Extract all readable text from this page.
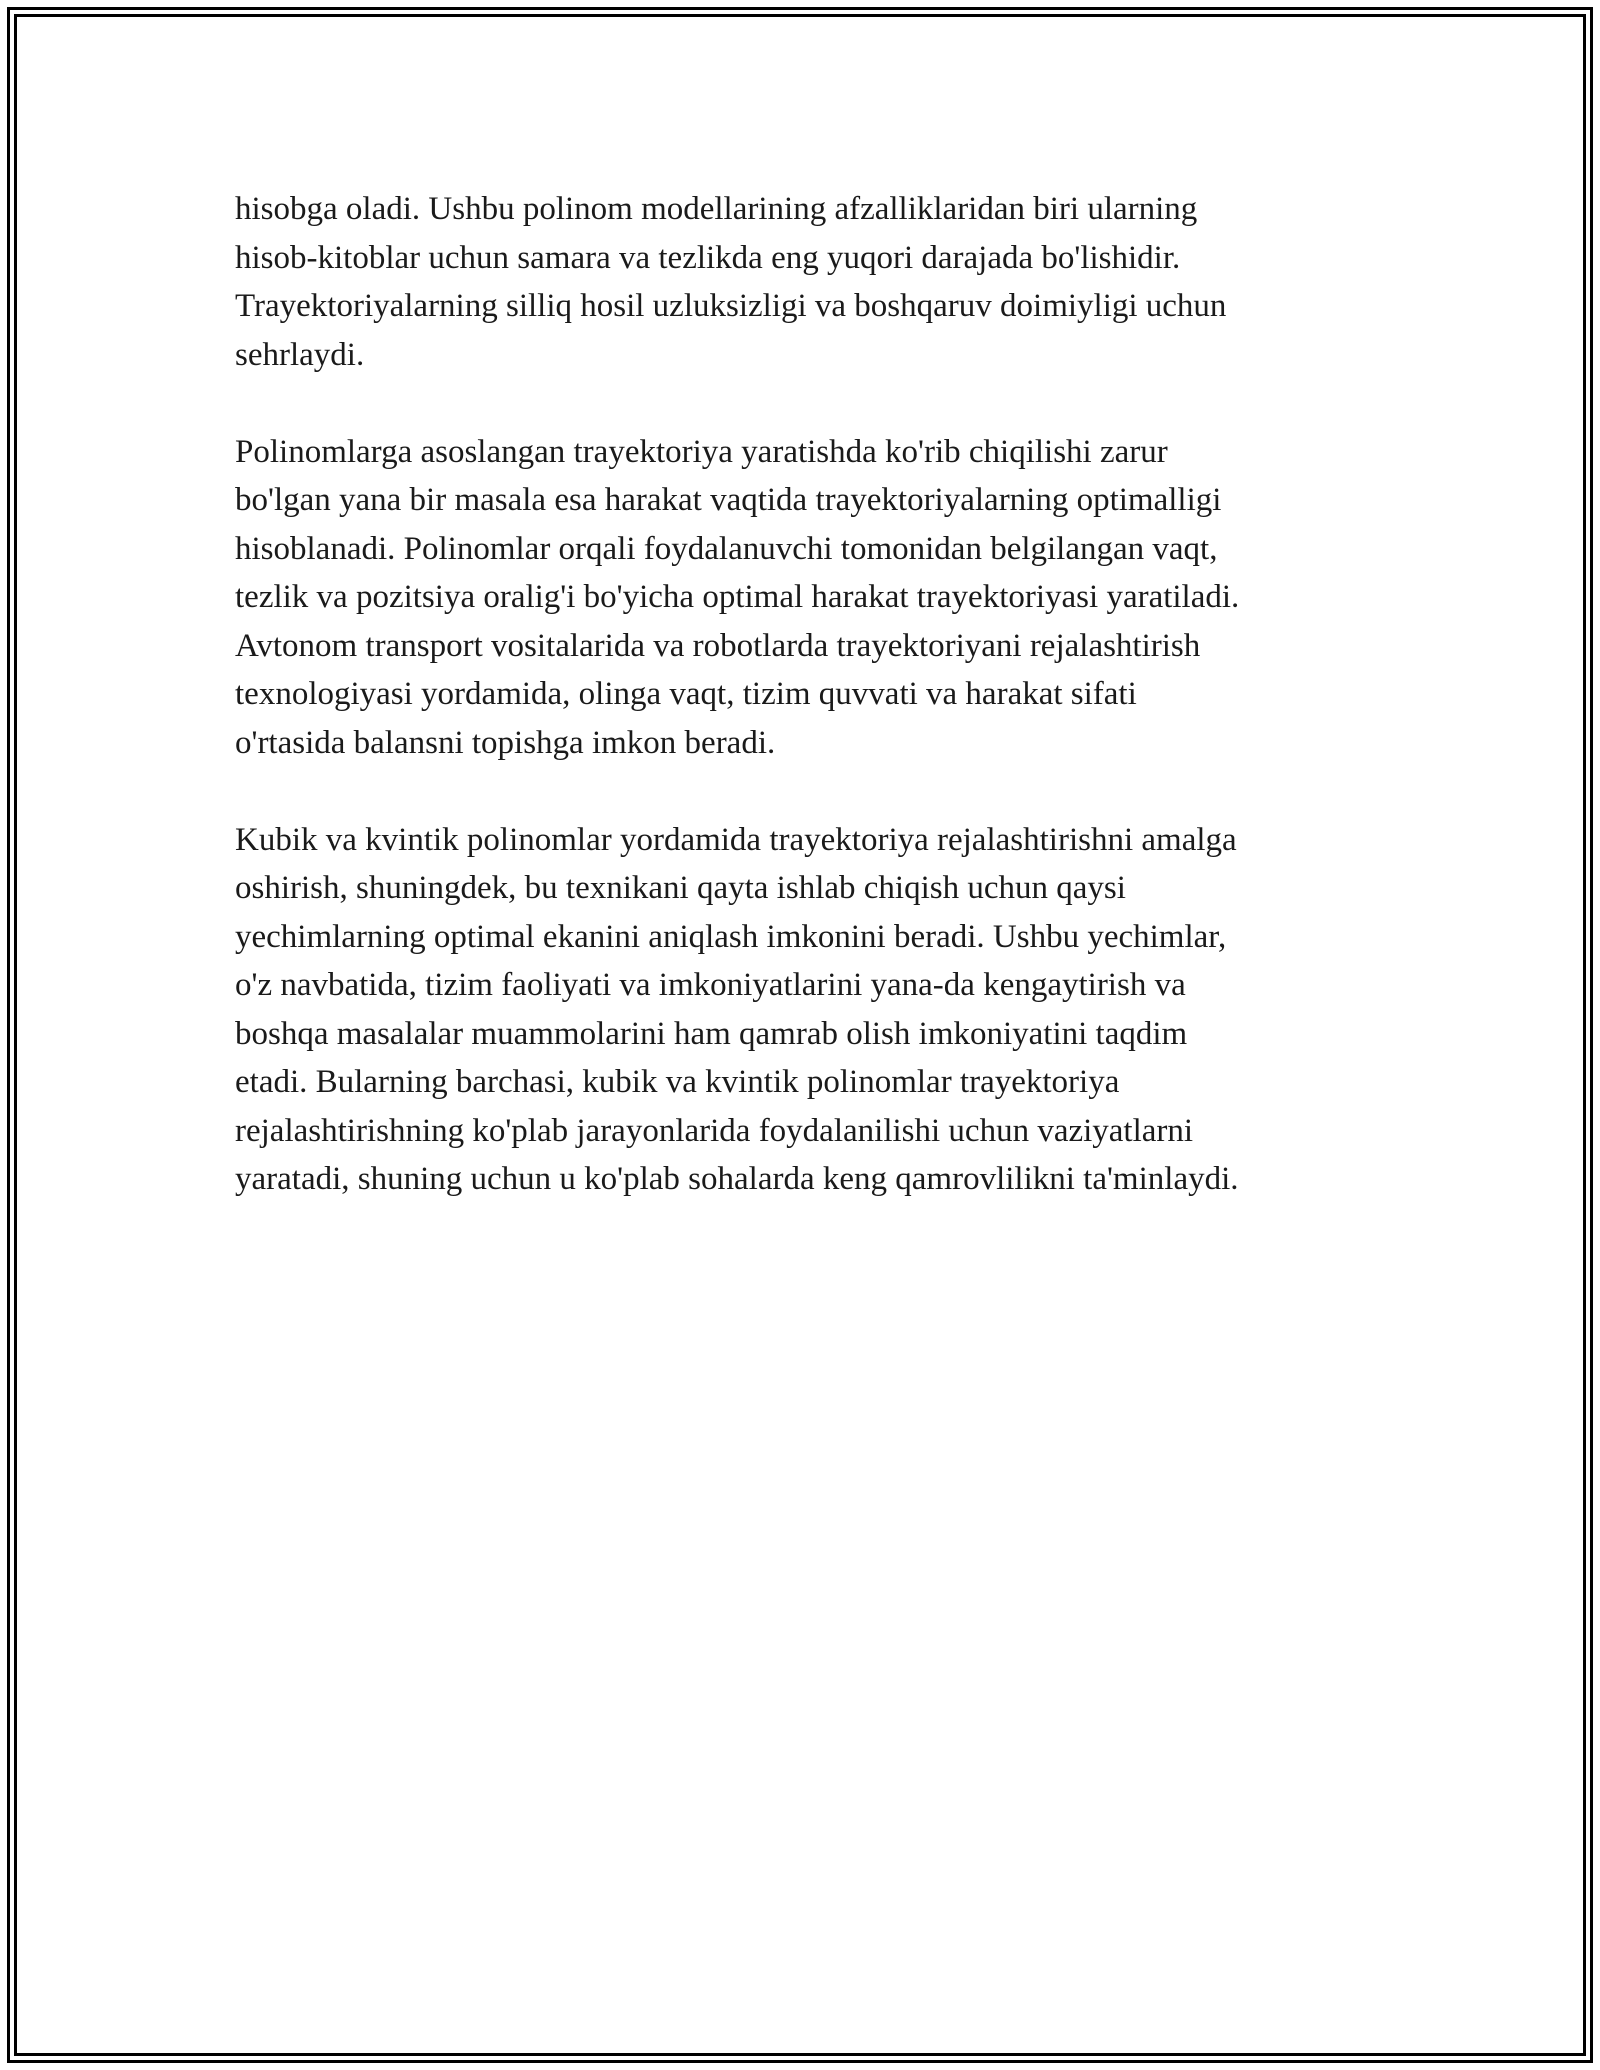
hisobga oladi. Ushbu polinom modellarining afzalliklaridan biri ularning
hisob-kitoblar uchun samara va tezlikda eng yuqori darajada bo'lishidir.
Trayektoriyalarning silliq hosil uzluksizligi va boshqaruv doimiyligi uchun
sehrlaydi.

Polinomlarga asoslangan trayektoriya yaratishda ko'rib chiqilishi zarur
bo'lgan yana bir masala esa harakat vaqtida trayektoriyalarning optimalligi
hisoblanadi. Polinomlar orqali foydalanuvchi tomonidan belgilangan vaqt,
tezlik va pozitsiya oralig'i bo'yicha optimal harakat trayektoriyasi yaratiladi.
Avtonom transport vositalarida va robotlarda trayektoriyani rejalashtirish
texnologiyasi yordamida, olinga vaqt, tizim quvvati va harakat sifati
o'rtasida balansni topishga imkon beradi.

Kubik va kvintik polinomlar yordamida trayektoriya rejalashtirishni amalga
oshirish, shuningdek, bu texnikani qayta ishlab chiqish uchun qaysi
yechimlarning optimal ekanini aniqlash imkonini beradi. Ushbu yechimlar,
o'z navbatida, tizim faoliyati va imkoniyatlarini yana-da kengaytirish va
boshqa masalalar muammolarini ham qamrab olish imkoniyatini taqdim
etadi. Bularning barchasi, kubik va kvintik polinomlar trayektoriya
rejalashtirishning ko'plab jarayonlarida foydalanilishi uchun vaziyatlarni
yaratadi, shuning uchun u ko'plab sohalarda keng qamrovlilikni ta'minlaydi.
